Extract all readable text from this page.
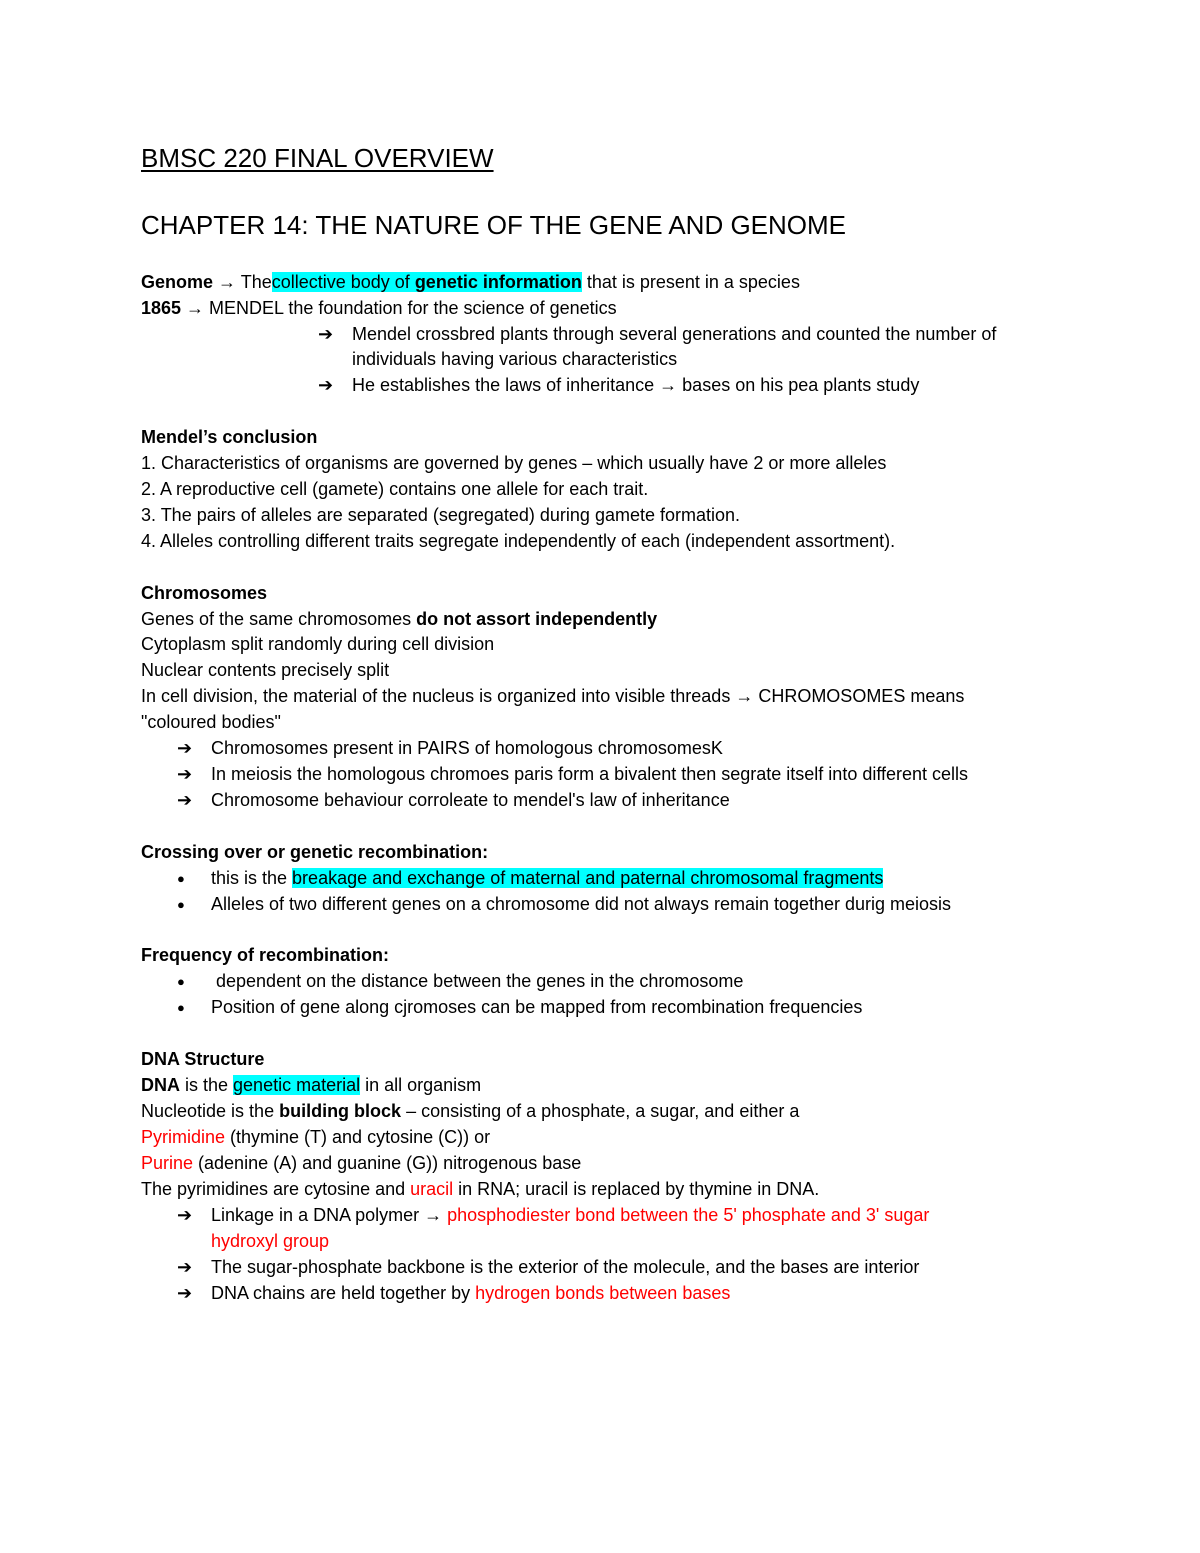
BMSC 220 FINAL OVERVIEW
CHAPTER 14: THE NATURE OF THE GENE AND GENOME
Genome → Thecollective body of genetic information that is present in a species
1865 → MENDEL the foundation for the science of genetics
➔ Mendel crossbred plants through several generations and counted the number of
individuals having various characteristics
➔ He establishes the laws of inheritance → bases on his pea plants study
Mendel’s conclusion
1. Characteristics of organisms are governed by genes – which usually have 2 or more alleles
2. A reproductive cell (gamete) contains one allele for each trait.
3. The pairs of alleles are separated (segregated) during gamete formation.
4. Alleles controlling different traits segregate independently of each (independent assortment).
Chromosomes
Genes of the same chromosomes do not assort independently
Cytoplasm split randomly during cell division
Nuclear contents precisely split
In cell division, the material of the nucleus is organized into visible threads → CHROMOSOMES means
"coloured bodies"
➔ Chromosomes present in PAIRS of homologous chromosomesK
➔ In meiosis the homologous chromoes paris form a bivalent then segrate itself into different cells
➔ Chromosome behaviour corroleate to mendel's law of inheritance
Crossing over or genetic recombination:
● this is the breakage and exchange of maternal and paternal chromosomal fragments
● Alleles of two different genes on a chromosome did not always remain together durig meiosis
Frequency of recombination:
● dependent on the distance between the genes in the chromosome
● Position of gene along cjromoses can be mapped from recombination frequencies
DNA Structure
DNA is the genetic material in all organism
Nucleotide is the building block – consisting of a phosphate, a sugar, and either a
Pyrimidine (thymine (T) and cytosine (C)) or
Purine (adenine (A) and guanine (G)) nitrogenous base
The pyrimidines are cytosine and uracil in RNA; uracil is replaced by thymine in DNA.
➔ Linkage in a DNA polymer → phosphodiester bond between the 5' phosphate and 3' sugar
hydroxyl group
➔ The sugar-phosphate backbone is the exterior of the molecule, and the bases are interior
➔ DNA chains are held together by hydrogen bonds between bases
